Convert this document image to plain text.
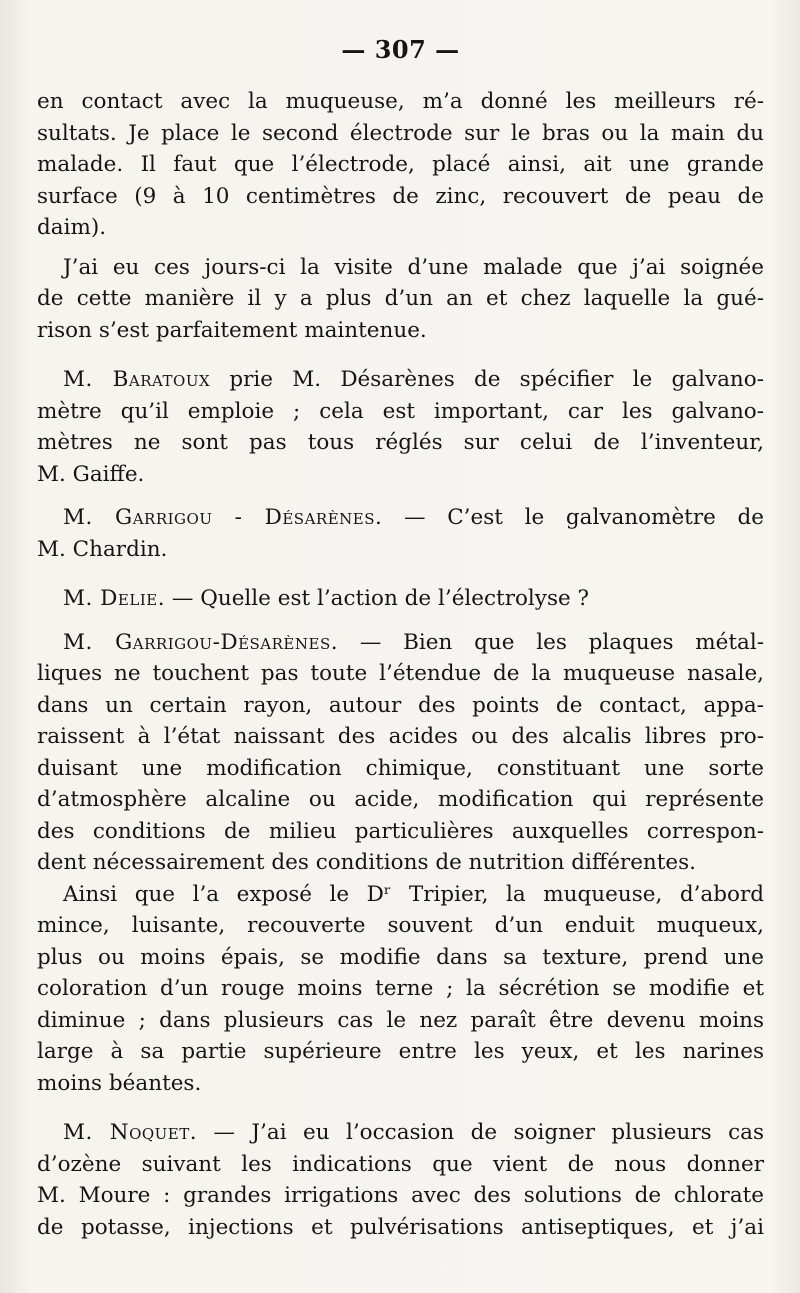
— 307 —
en contact avec la muqueuse, m’a donné les meilleurs ré-
sultats. Je place le second électrode sur le bras ou la main du
malade. Il faut que l’électrode, placé ainsi, ait une grande
surface (9 à 10 centimètres de zinc, recouvert de peau de
daim).
J’ai eu ces jours-ci la visite d’une malade que j’ai soignée
de cette manière il y a plus d’un an et chez laquelle la gué-
rison s’est parfaitement maintenue.
M. Baratoux prie M. Désarènes de spécifier le galvano-
mètre qu’il emploie ; cela est important, car les galvano-
mètres ne sont pas tous réglés sur celui de l’inventeur,
M. Gaiffe.
M. Garrigou - Désarènes. — C’est le galvanomètre de
M. Chardin.
M. Delie. — Quelle est l’action de l’électrolyse ?
M. Garrigou-Désarènes. — Bien que les plaques métal-
liques ne touchent pas toute l’étendue de la muqueuse nasale,
dans un certain rayon, autour des points de contact, appa-
raissent à l’état naissant des acides ou des alcalis libres pro-
duisant une modification chimique, constituant une sorte
d’atmosphère alcaline ou acide, modification qui représente
des conditions de milieu particulières auxquelles correspon-
dent nécessairement des conditions de nutrition différentes.
Ainsi que l’a exposé le Dʳ Tripier, la muqueuse, d’abord
mince, luisante, recouverte souvent d’un enduit muqueux,
plus ou moins épais, se modifie dans sa texture, prend une
coloration d’un rouge moins terne ; la sécrétion se modifie et
diminue ; dans plusieurs cas le nez paraît être devenu moins
large à sa partie supérieure entre les yeux, et les narines
moins béantes.
M. Noquet. — J’ai eu l’occasion de soigner plusieurs cas
d’ozène suivant les indications que vient de nous donner
M. Moure : grandes irrigations avec des solutions de chlorate
de potasse, injections et pulvérisations antiseptiques, et j’ai
